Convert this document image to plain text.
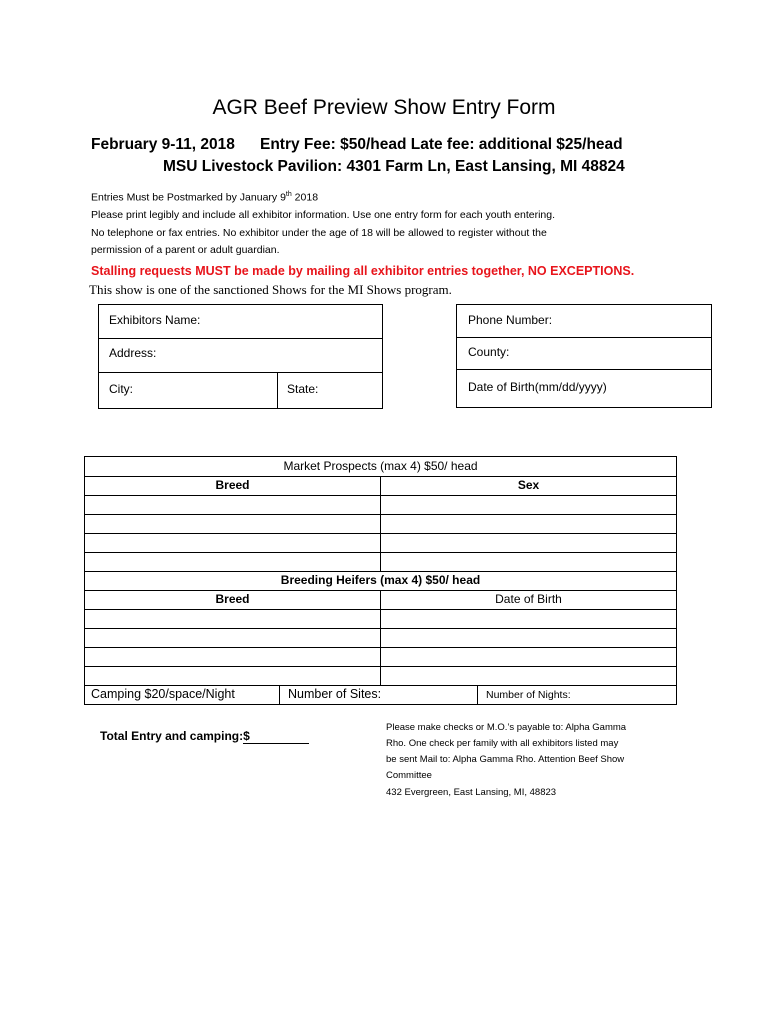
AGR Beef Preview Show Entry Form
February 9-11, 2018 Entry Fee: $50/head Late fee: additional $25/head
MSU Livestock Pavilion: 4301 Farm Ln, East Lansing, MI 48824
Entries Must be Postmarked by January 9th 2018
Please print legibly and include all exhibitor information. Use one entry form for each youth entering.
No telephone or fax entries. No exhibitor under the age of 18 will be allowed to register without the
permission of a parent or adult guardian.
Stalling requests MUST be made by mailing all exhibitor entries together, NO EXCEPTIONS.
This show is one of the sanctioned Shows for the MI Shows program.
Exhibitors Name:
Address:
City:	State:
Phone Number:
County:
Date of Birth(mm/dd/yyyy)
Market Prospects (max 4) $50/ head
Breed	Sex
Breeding Heifers (max 4) $50/ head
Breed	Date of Birth
Camping $20/space/Night	Number of Sites:	Number of Nights:
Total Entry and camping:$
Please make checks or M.O.’s payable to: Alpha Gamma
Rho. One check per family with all exhibitors listed may
be sent Mail to: Alpha Gamma Rho. Attention Beef Show
Committee
432 Evergreen, East Lansing, MI, 48823
